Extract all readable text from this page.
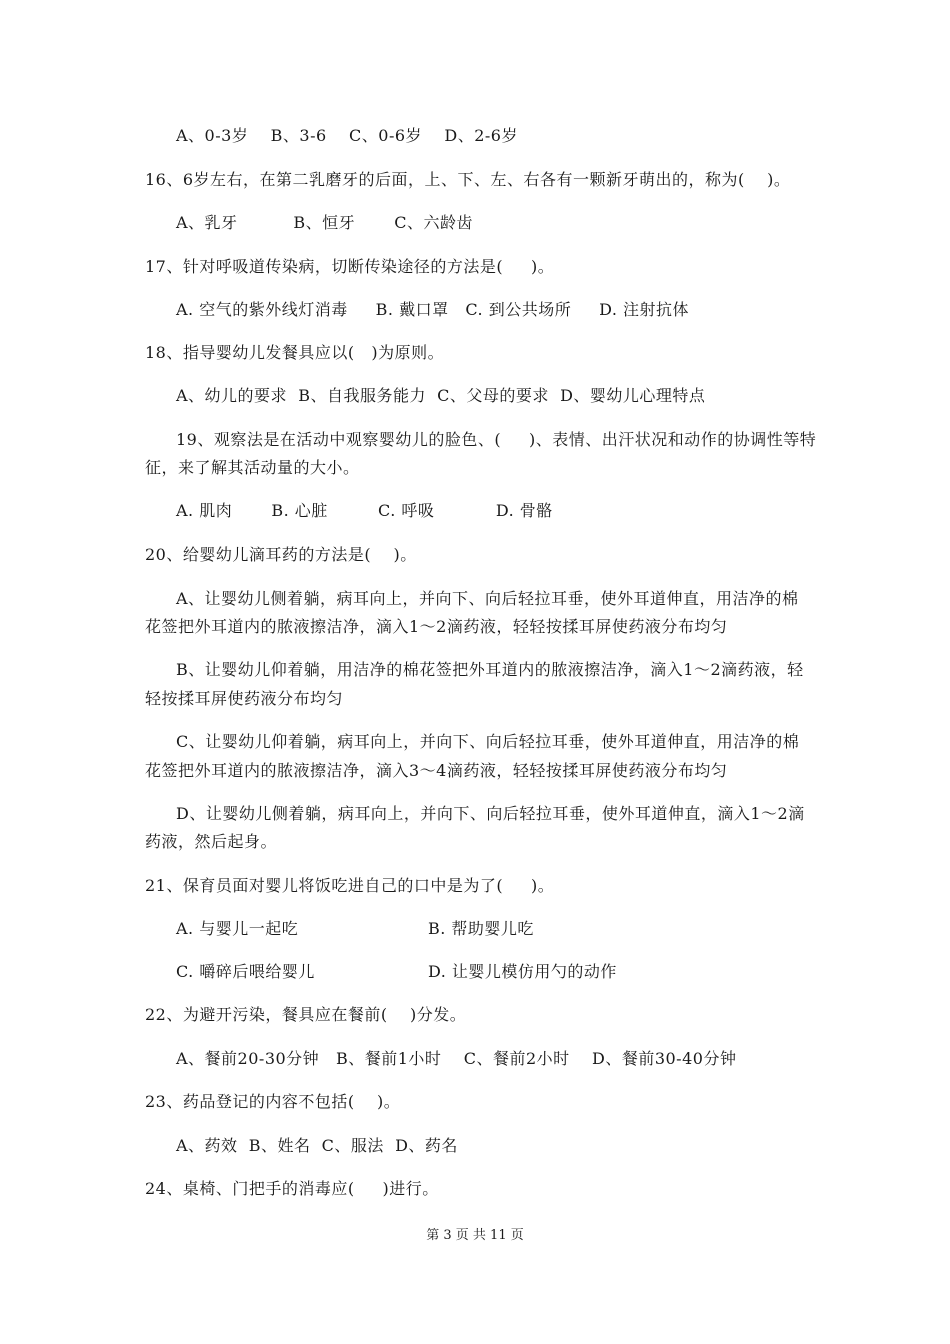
A、0-3岁    B、3-6    C、0-6岁    D、2-6岁
16、6岁左右，在第二乳磨牙的后面，上、下、左、右各有一颗新牙萌出的，称为(    )。
A、乳牙          B、恒牙       C、六龄齿
17、针对呼吸道传染病，切断传染途径的方法是(     )。
A. 空气的紫外线灯消毒     B. 戴口罩   C. 到公共场所     D. 注射抗体
18、指导婴幼儿发餐具应以(   )为原则。
A、幼儿的要求  B、自我服务能力  C、父母的要求  D、婴幼儿心理特点
19、观察法是在活动中观察婴幼儿的脸色、(     )、表情、出汗状况和动作的协调性等特
征，来了解其活动量的大小。
A. 肌肉       B. 心脏         C. 呼吸           D. 骨骼
20、给婴幼儿滴耳药的方法是(    )。
A、让婴幼儿侧着躺，病耳向上，并向下、向后轻拉耳垂，使外耳道伸直，用洁净的棉
花签把外耳道内的脓液擦洁净，滴入1～2滴药液，轻轻按揉耳屏使药液分布均匀
B、让婴幼儿仰着躺，用洁净的棉花签把外耳道内的脓液擦洁净，滴入1～2滴药液，轻
轻按揉耳屏使药液分布均匀
C、让婴幼儿仰着躺，病耳向上，并向下、向后轻拉耳垂，使外耳道伸直，用洁净的棉
花签把外耳道内的脓液擦洁净，滴入3～4滴药液，轻轻按揉耳屏使药液分布均匀
D、让婴幼儿侧着躺，病耳向上，并向下、向后轻拉耳垂，使外耳道伸直，滴入1～2滴
药液，然后起身。
21、保育员面对婴儿将饭吃进自己的口中是为了(     )。
A. 与婴儿一起吃	B. 帮助婴儿吃
C. 嚼碎后喂给婴儿	D. 让婴儿模仿用勺的动作
22、为避开污染，餐具应在餐前(    )分发。
A、餐前20-30分钟   B、餐前1小时    C、餐前2小时    D、餐前30-40分钟
23、药品登记的内容不包括(    )。
A、药效  B、姓名  C、服法  D、药名
24、桌椅、门把手的消毒应(     )进行。
第 3 页 共 11 页
